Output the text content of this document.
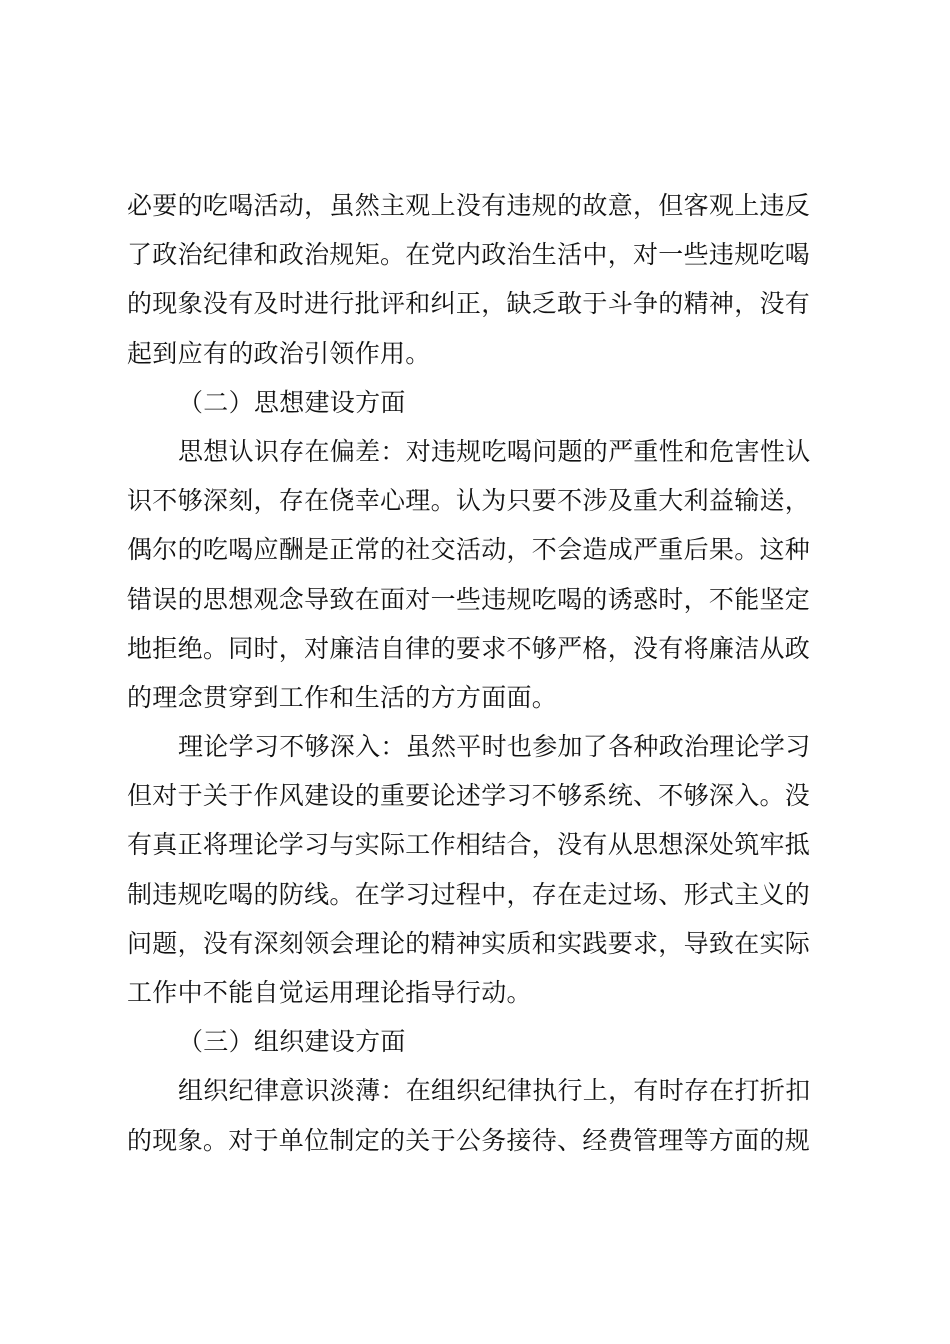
必要的吃喝活动，虽然主观上没有违规的故意，但客观上违反
了政治纪律和政治规矩。在党内政治生活中，对一些违规吃喝
的现象没有及时进行批评和纠正，缺乏敢于斗争的精神，没有
起到应有的政治引领作用。
（二）思想建设方面
思想认识存在偏差：对违规吃喝问题的严重性和危害性认
识不够深刻，存在侥幸心理。认为只要不涉及重大利益输送，
偶尔的吃喝应酬是正常的社交活动，不会造成严重后果。这种
错误的思想观念导致在面对一些违规吃喝的诱惑时，不能坚定
地拒绝。同时，对廉洁自律的要求不够严格，没有将廉洁从政
的理念贯穿到工作和生活的方方面面。
理论学习不够深入：虽然平时也参加了各种政治理论学习
但对于关于作风建设的重要论述学习不够系统、不够深入。没
有真正将理论学习与实际工作相结合，没有从思想深处筑牢抵
制违规吃喝的防线。在学习过程中，存在走过场、形式主义的
问题，没有深刻领会理论的精神实质和实践要求，导致在实际
工作中不能自觉运用理论指导行动。
（三）组织建设方面
组织纪律意识淡薄：在组织纪律执行上，有时存在打折扣
的现象。对于单位制定的关于公务接待、经费管理等方面的规
